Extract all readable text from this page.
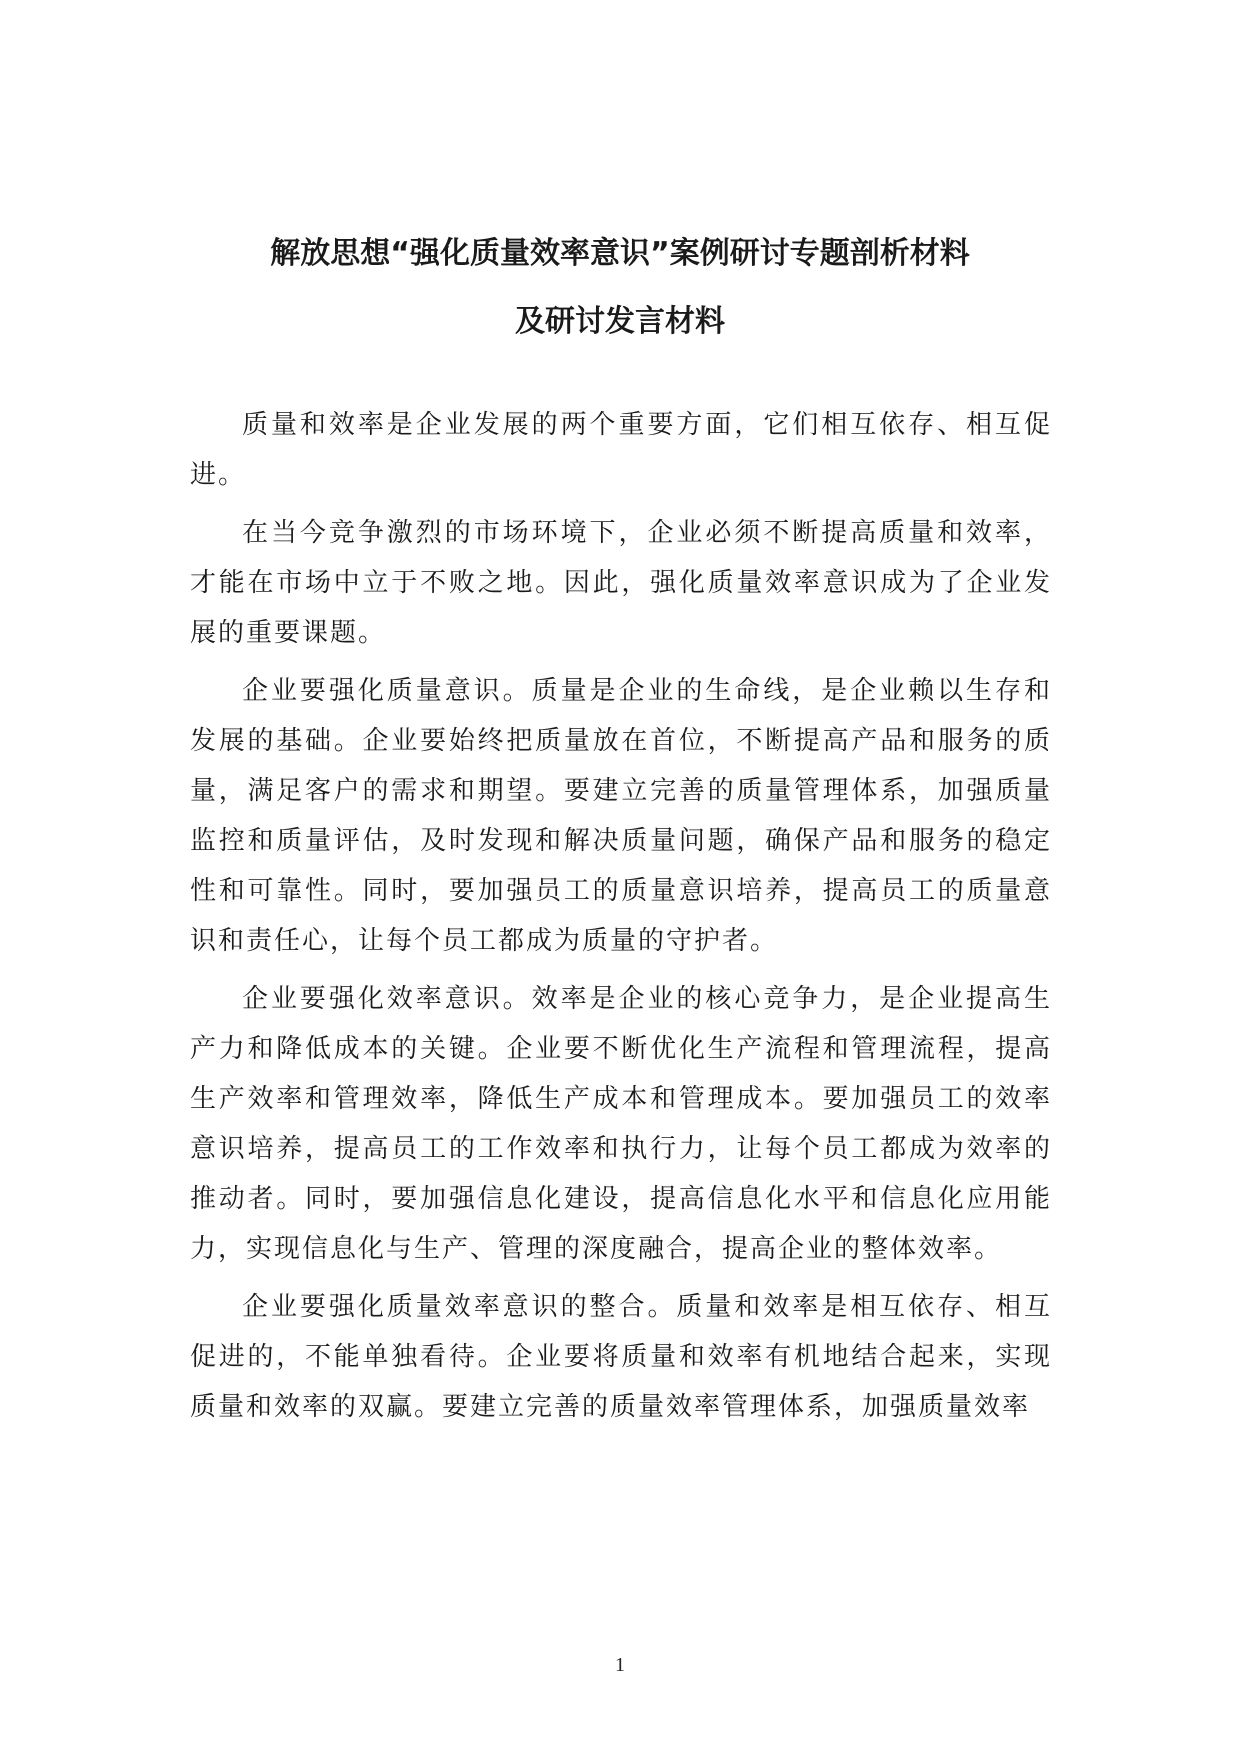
解放思想“强化质量效率意识”案例研讨专题剖析材料
及研讨发言材料

质量和效率是企业发展的两个重要方面，它们相互依存、相互促进。

在当今竞争激烈的市场环境下，企业必须不断提高质量和效率，才能在市场中立于不败之地。因此，强化质量效率意识成为了企业发展的重要课题。

企业要强化质量意识。质量是企业的生命线，是企业赖以生存和发展的基础。企业要始终把质量放在首位，不断提高产品和服务的质量，满足客户的需求和期望。要建立完善的质量管理体系，加强质量监控和质量评估，及时发现和解决质量问题，确保产品和服务的稳定性和可靠性。同时，要加强员工的质量意识培养，提高员工的质量意识和责任心，让每个员工都成为质量的守护者。

企业要强化效率意识。效率是企业的核心竞争力，是企业提高生产力和降低成本的关键。企业要不断优化生产流程和管理流程，提高生产效率和管理效率，降低生产成本和管理成本。要加强员工的效率意识培养，提高员工的工作效率和执行力，让每个员工都成为效率的推动者。同时，要加强信息化建设，提高信息化水平和信息化应用能力，实现信息化与生产、管理的深度融合，提高企业的整体效率。

企业要强化质量效率意识的整合。质量和效率是相互依存、相互促进的，不能单独看待。企业要将质量和效率有机地结合起来，实现质量和效率的双赢。要建立完善的质量效率管理体系，加强质量效率

1
